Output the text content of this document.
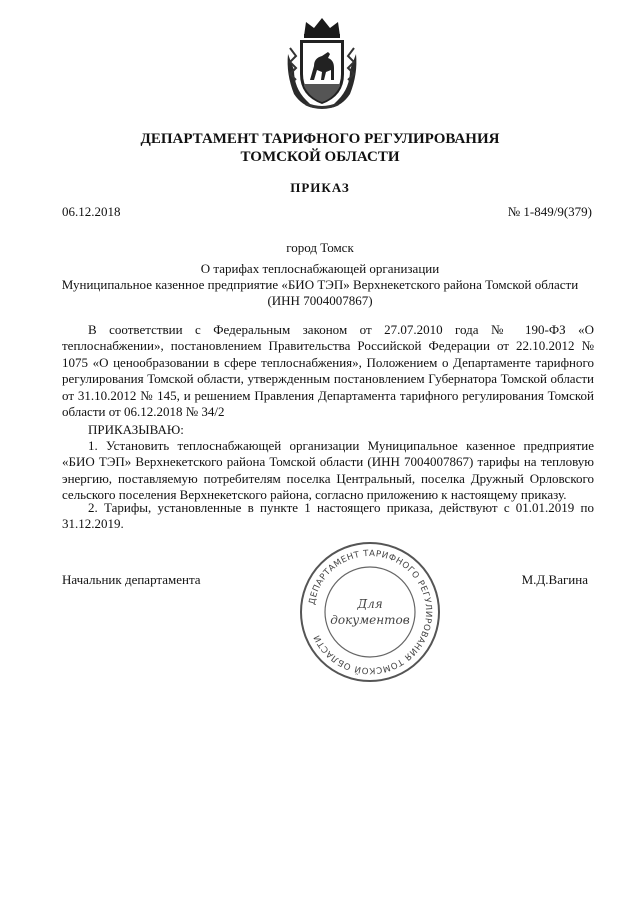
ДЕПАРТАМЕНТ ТАРИФНОГО РЕГУЛИРОВАНИЯ
ТОМСКОЙ ОБЛАСТИ
ПРИКАЗ
06.12.2018	№ 1-849/9(379)
город Томск
О тарифах теплоснабжающей организации
Муниципальное казенное предприятие «БИО ТЭП» Верхнекетского района Томской области
(ИНН 7004007867)
В соответствии с Федеральным законом от 27.07.2010 года № 190-ФЗ «О теплоснабжении», постановлением Правительства Российской Федерации от 22.10.2012 № 1075 «О ценообразовании в сфере теплоснабжения», Положением о Департаменте тарифного регулирования Томской области, утвержденным постановлением Губернатора Томской области от 31.10.2012 № 145, и решением Правления Департамента тарифного регулирования Томской области от 06.12.2018 № 34/2
ПРИКАЗЫВАЮ:
1. Установить теплоснабжающей организации Муниципальное казенное предприятие «БИО ТЭП» Верхнекетского района Томской области (ИНН 7004007867) тарифы на тепловую энергию, поставляемую потребителям поселка Центральный, поселка Дружный Орловского сельского поселения Верхнекетского района, согласно приложению к настоящему приказу.
2. Тарифы, установленные в пункте 1 настоящего приказа, действуют с 01.01.2019 по 31.12.2019.
Начальник департамента	М.Д.Вагина
ДЕПАРТАМЕНТ ТАРИФНОГО РЕГУЛИРОВАНИЯ ТОМСКОЙ ОБЛАСТИ
Для
документов
